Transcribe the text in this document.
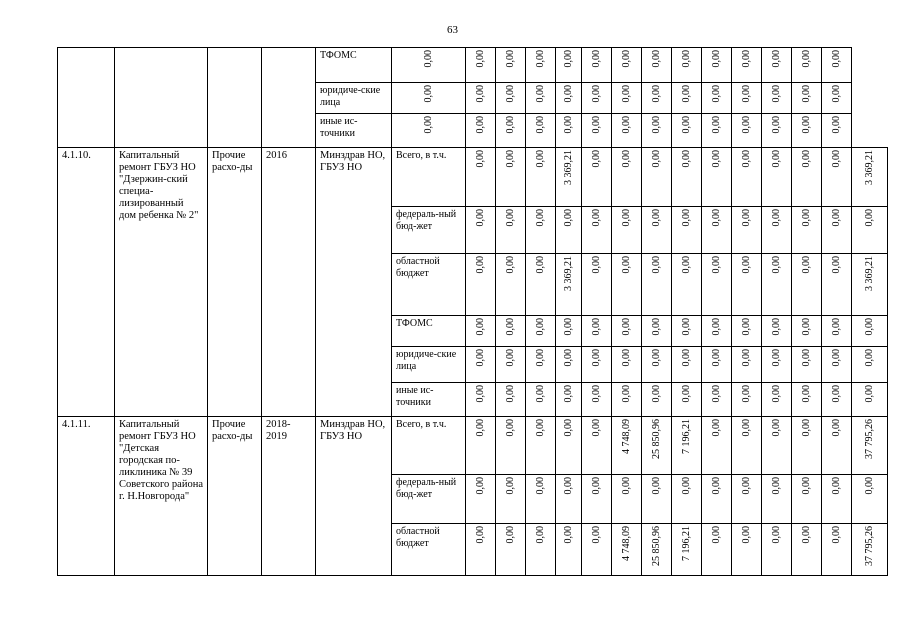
63
				ТФОМС	0,00	0,00	0,00	0,00	0,00	0,00	0,00	0,00	0,00	0,00	0,00	0,00	0,00	0,00	
				юридиче-ские лица	0,00	0,00	0,00	0,00	0,00	0,00	0,00	0,00	0,00	0,00	0,00	0,00	0,00	0,00	
				иные ис-точники	0,00	0,00	0,00	0,00	0,00	0,00	0,00	0,00	0,00	0,00	0,00	0,00	0,00	0,00	
4.1.10.	Капитальный ремонт ГБУЗ НО "Дзержин-ский специа-лизированный дом ребенка № 2"	Прочие расхо-ды	2016	Минздрав НО, ГБУЗ НО	Всего, в т.ч.	0,00	0,00	0,00	3 369,21	0,00	0,00	0,00	0,00	0,00	0,00	0,00	0,00	0,00	3 369,21
					федераль-ный бюд-жет	0,00	0,00	0,00	0,00	0,00	0,00	0,00	0,00	0,00	0,00	0,00	0,00	0,00	0,00
					областной бюджет	0,00	0,00	0,00	3 369,21	0,00	0,00	0,00	0,00	0,00	0,00	0,00	0,00	0,00	3 369,21
					ТФОМС	0,00	0,00	0,00	0,00	0,00	0,00	0,00	0,00	0,00	0,00	0,00	0,00	0,00	0,00
					юридиче-ские лица	0,00	0,00	0,00	0,00	0,00	0,00	0,00	0,00	0,00	0,00	0,00	0,00	0,00	0,00
					иные ис-точники	0,00	0,00	0,00	0,00	0,00	0,00	0,00	0,00	0,00	0,00	0,00	0,00	0,00	0,00
4.1.11.	Капитальный ремонт ГБУЗ НО "Детская городская по-ликлиника № 39 Советского района г. Н.Новгорода"	Прочие расхо-ды	2018-2019	Минздрав НО, ГБУЗ НО	Всего, в т.ч.	0,00	0,00	0,00	0,00	0,00	4 748,09	25 850,96	7 196,21	0,00	0,00	0,00	0,00	0,00	37 795,26
					федераль-ный бюд-жет	0,00	0,00	0,00	0,00	0,00	0,00	0,00	0,00	0,00	0,00	0,00	0,00	0,00	0,00
					областной бюджет	0,00	0,00	0,00	0,00	0,00	4 748,09	25 850,96	7 196,21	0,00	0,00	0,00	0,00	0,00	37 795,26
